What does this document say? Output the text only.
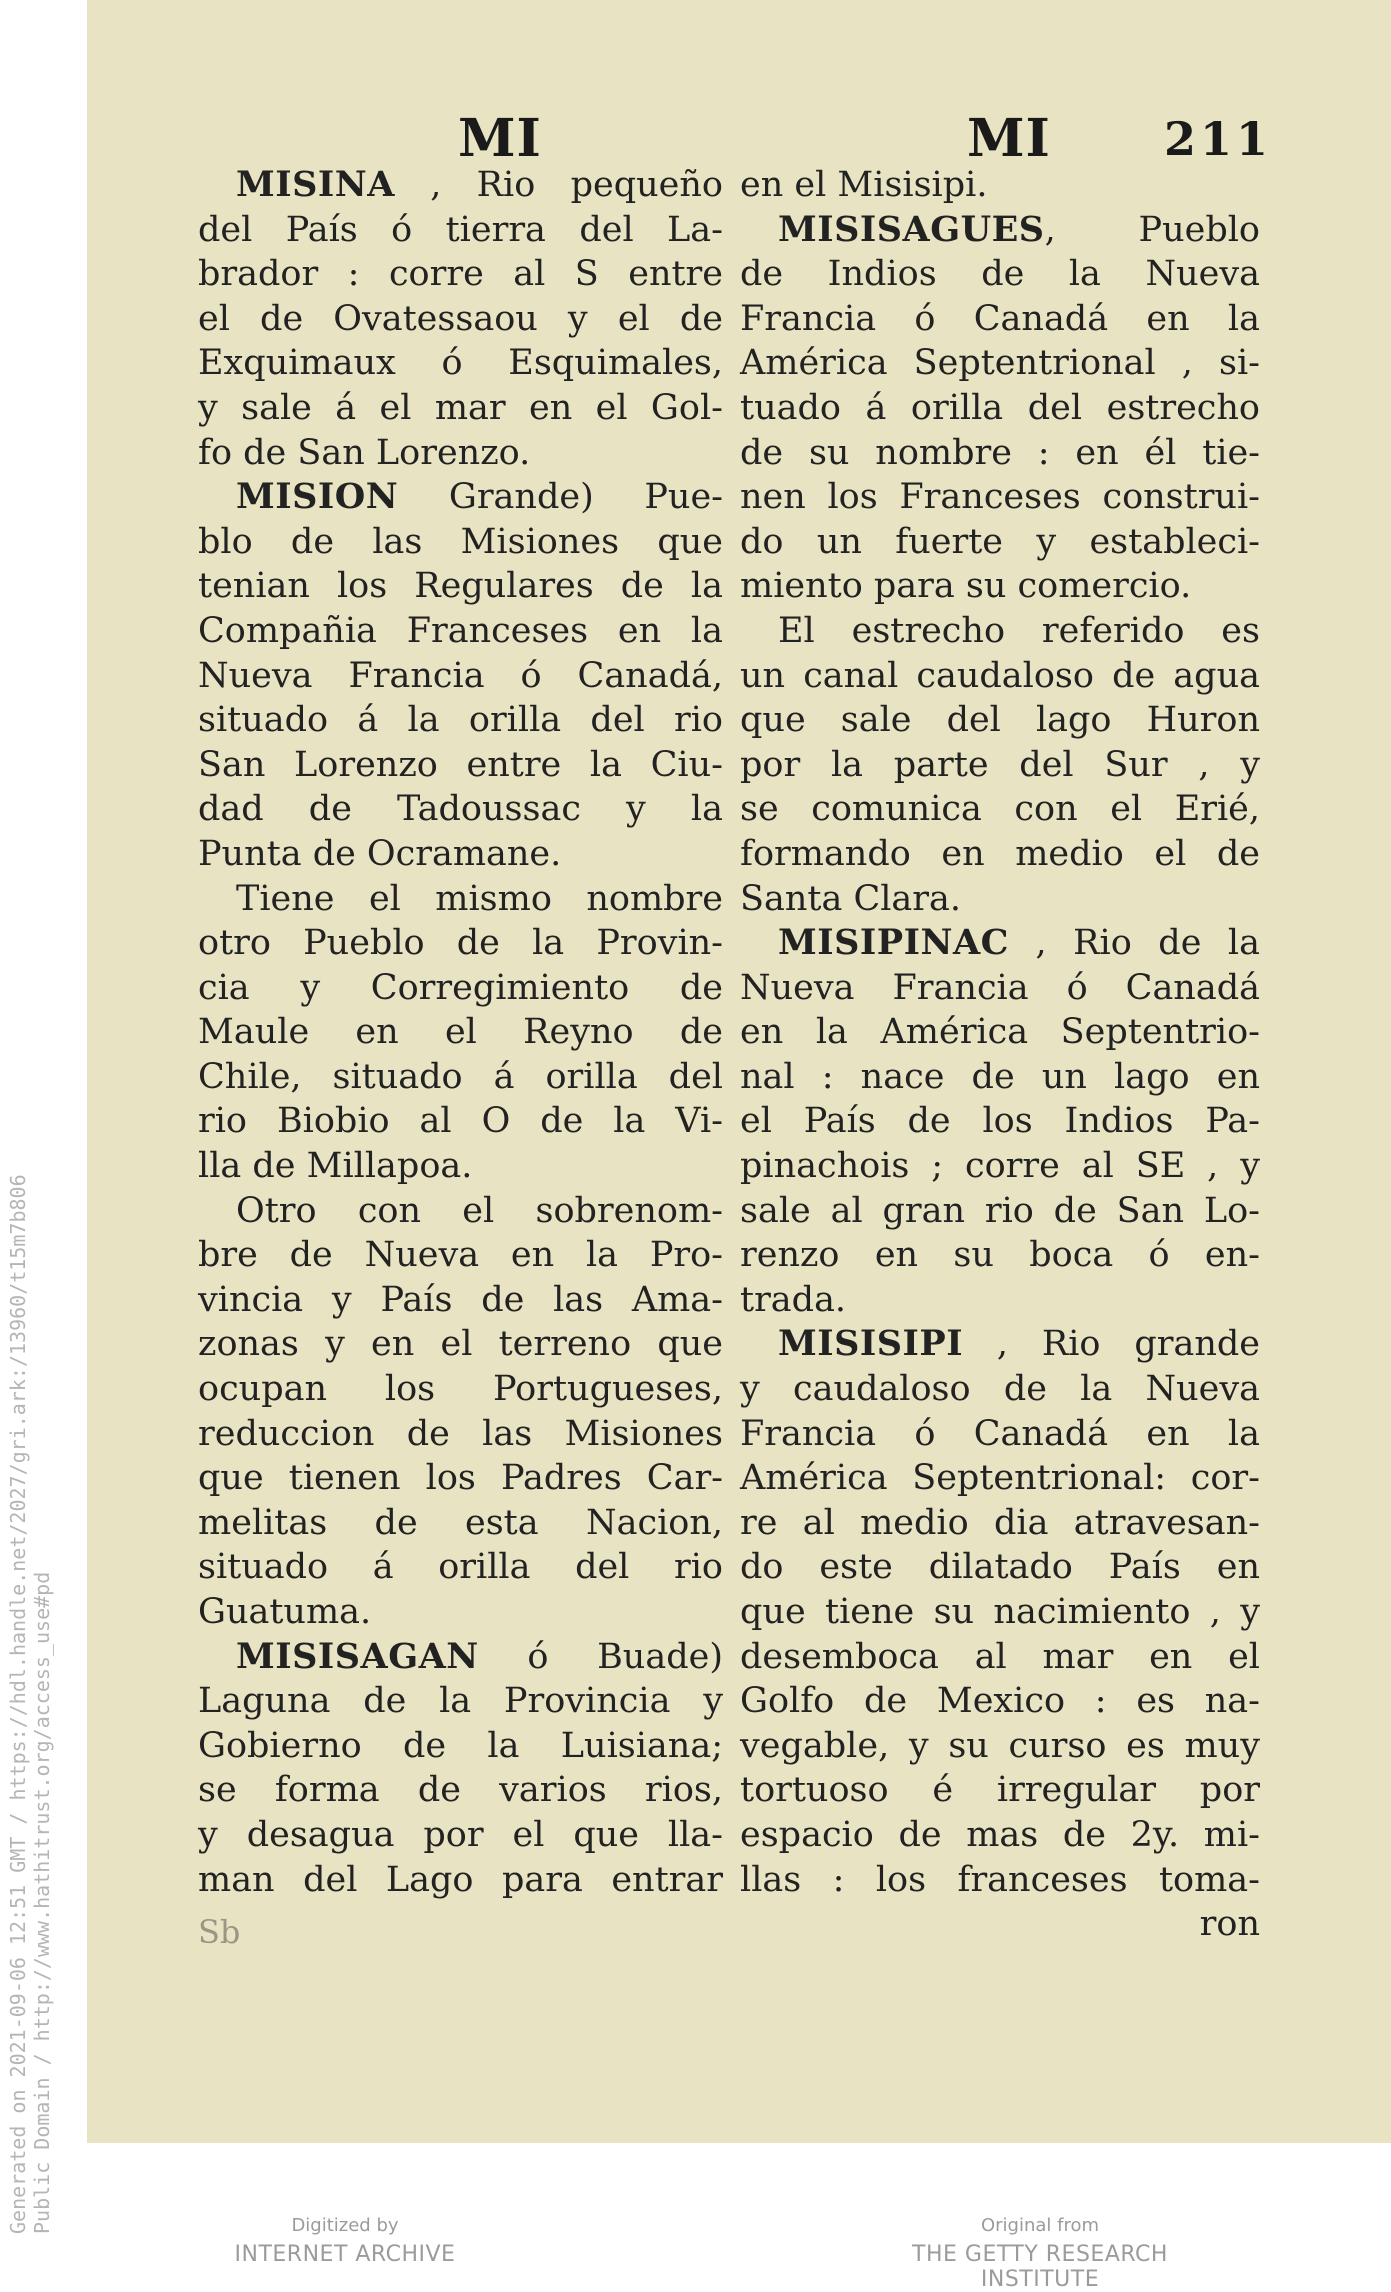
Generated on 2021-09-06 12:51 GMT / https://hdl.handle.net/2027/gri.ark:/13960/t15m7b806 Public Domain / http://www.hathitrust.org/access_use#pd
MI	MI 211
MISINA , Rio pequeño
del País ó tierra del La-
brador : corre al S entre
el de Ovatessaou y el de
Exquimaux ó Esquimales,
y sale á el mar en el Gol-
fo de San Lorenzo.
MISION Grande) Pue-
blo de las Misiones que
tenian los Regulares de la
Compañia Franceses en la
Nueva Francia ó Canadá,
situado á la orilla del rio
San Lorenzo entre la Ciu-
dad de Tadoussac y la
Punta de Ocramane.
Tiene el mismo nombre
otro Pueblo de la Provin-
cia y Corregimiento de
Maule en el Reyno de
Chile, situado á orilla del
rio Biobio al O de la Vi-
lla de Millapoa.
Otro con el sobrenom-
bre de Nueva en la Pro-
vincia y País de las Ama-
zonas y en el terreno que
ocupan los Portugueses,
reduccion de las Misiones
que tienen los Padres Car-
melitas de esta Nacion,
situado á orilla del rio
Guatuma.
MISISAGAN ó Buade)
Laguna de la Provincia y
Gobierno de la Luisiana;
se forma de varios rios,
y desagua por el que lla-
man del Lago para entrar
en el Misisipi.
MISISAGUES, Pueblo
de Indios de la Nueva
Francia ó Canadá en la
América Septentrional , si-
tuado á orilla del estrecho
de su nombre : en él tie-
nen los Franceses construi-
do un fuerte y estableci-
miento para su comercio.
El estrecho referido es
un canal caudaloso de agua
que sale del lago Huron
por la parte del Sur , y
se comunica con el Erié,
formando en medio el de
Santa Clara.
MISIPINAC , Rio de la
Nueva Francia ó Canadá
en la América Septentrio-
nal : nace de un lago en
el País de los Indios Pa-
pinachois ; corre al SE , y
sale al gran rio de San Lo-
renzo en su boca ó en-
trada.
MISISIPI , Rio grande
y caudaloso de la Nueva
Francia ó Canadá en la
América Septentrional: cor-
re al medio dia atravesan-
do este dilatado País en
que tiene su nacimiento , y
desemboca al mar en el
Golfo de Mexico : es na-
vegable, y su curso es muy
tortuoso é irregular por
espacio de mas de 2y. mi-
llas : los franceses toma-
ron
Sb
Digitized by
INTERNET ARCHIVE
Original from
THE GETTY RESEARCH INSTITUTE
